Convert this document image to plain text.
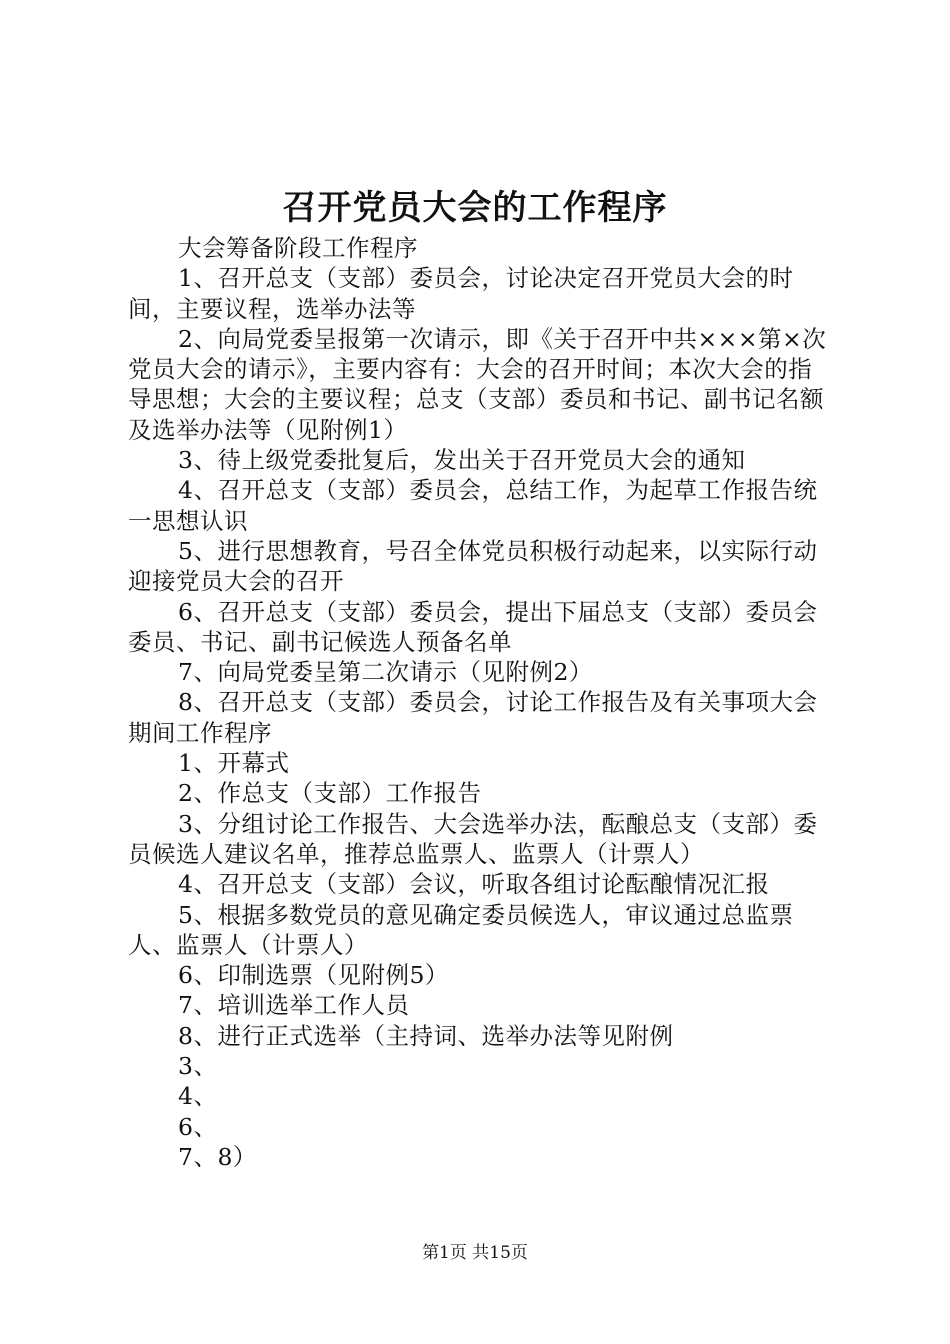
召开党员大会的工作程序

大会筹备阶段工作程序

1、召开总支（支部）委员会，讨论决定召开党员大会的时间，主要议程，选举办法等

2、向局党委呈报第一次请示，即《关于召开中共×××第×次党员大会的请示》，主要内容有：大会的召开时间；本次大会的指导思想；大会的主要议程；总支（支部）委员和书记、副书记名额及选举办法等（见附例1）

3、待上级党委批复后，发出关于召开党员大会的通知

4、召开总支（支部）委员会，总结工作，为起草工作报告统一思想认识

5、进行思想教育，号召全体党员积极行动起来，以实际行动迎接党员大会的召开

6、召开总支（支部）委员会，提出下届总支（支部）委员会委员、书记、副书记候选人预备名单

7、向局党委呈第二次请示（见附例2）

8、召开总支（支部）委员会，讨论工作报告及有关事项大会期间工作程序

1、开幕式

2、作总支（支部）工作报告

3、分组讨论工作报告、大会选举办法，酝酿总支（支部）委员候选人建议名单，推荐总监票人、监票人（计票人）

4、召开总支（支部）会议，听取各组讨论酝酿情况汇报

5、根据多数党员的意见确定委员候选人，审议通过总监票人、监票人（计票人）

6、印制选票（见附例5）

7、培训选举工作人员

8、进行正式选举（主持词、选举办法等见附例

3、

4、

6、

7、8）

第1页 共15页
